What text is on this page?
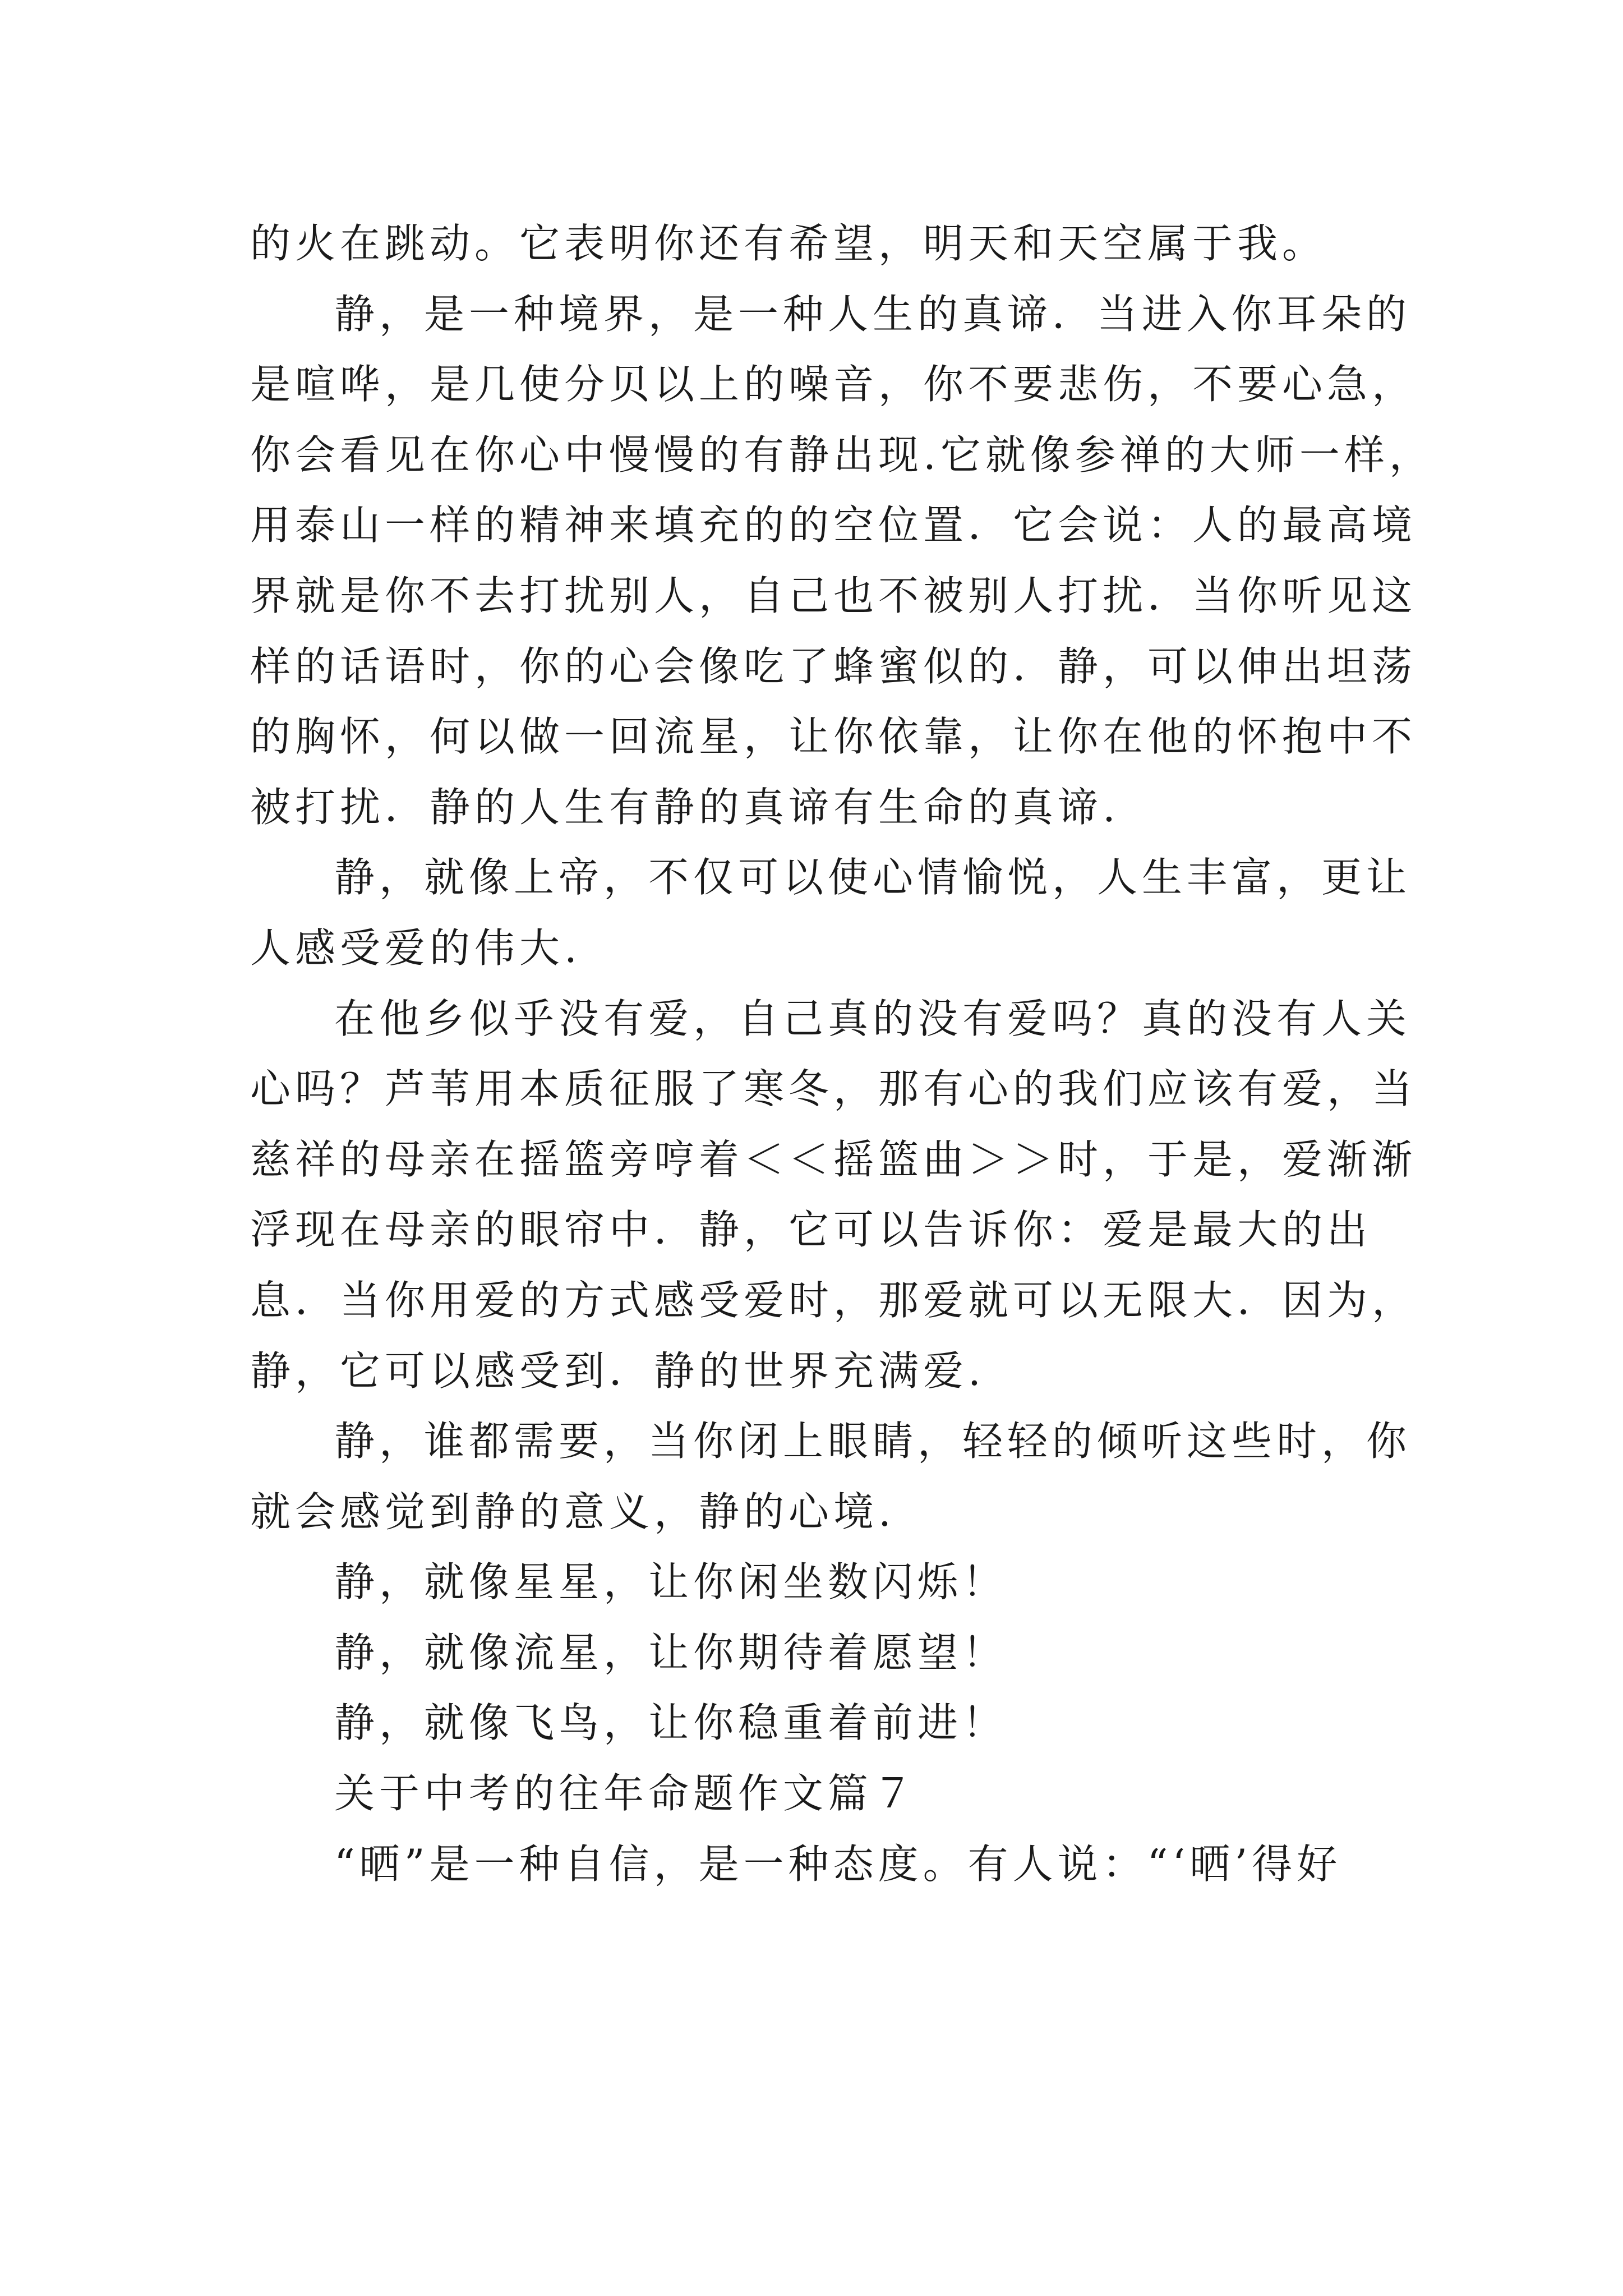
的火在跳动。它表明你还有希望，明天和天空属于我。
静，是一种境界，是一种人生的真谛．当进入你耳朵的
是喧哗，是几使分贝以上的噪音，你不要悲伤，不要心急，
你会看见在你心中慢慢的有静出现.它就像参禅的大师一样，
用泰山一样的精神来填充的的空位置．它会说：人的最高境
界就是你不去打扰别人，自己也不被别人打扰．当你听见这
样的话语时，你的心会像吃了蜂蜜似的．静，可以伸出坦荡
的胸怀，何以做一回流星，让你依靠，让你在他的怀抱中不
被打扰．静的人生有静的真谛有生命的真谛.
静，就像上帝，不仅可以使心情愉悦，人生丰富，更让
人感受爱的伟大.
在他乡似乎没有爱，自己真的没有爱吗？真的没有人关
心吗？芦苇用本质征服了寒冬，那有心的我们应该有爱，当
慈祥的母亲在摇篮旁哼着＜＜摇篮曲＞＞时，于是，爱渐渐
浮现在母亲的眼帘中．静，它可以告诉你：爱是最大的出
息．当你用爱的方式感受爱时，那爱就可以无限大．因为，
静，它可以感受到．静的世界充满爱.
静，谁都需要，当你闭上眼睛，轻轻的倾听这些时，你
就会感觉到静的意义，静的心境.
静，就像星星，让你闲坐数闪烁！
静，就像流星，让你期待着愿望！
静，就像飞鸟，让你稳重着前进！
关于中考的往年命题作文篇７
“晒”是一种自信，是一种态度。有人说：“‘晒’得好
